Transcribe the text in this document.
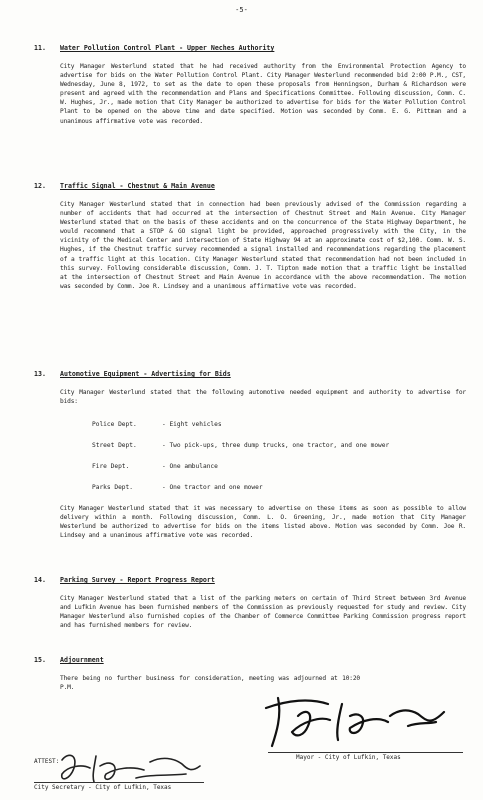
-5-
11.	Water Pollution Control Plant - Upper Neches Authority
City Manager Westerlund stated that he had received authority from the Environmental Protection Agency to advertise for bids on the Water Pollution Control Plant. City Manager Westerlund recommended bid 2:00 P.M., CST, Wednesday, June 8, 1972, to set as the date to open these proposals from Henningson, Durham & Richardson were present and agreed with the recommendation and Plans and Specifications Committee. Following discussion, Comm. C. W. Hughes, Jr., made motion that City Manager be authorized to advertise for bids for the Water Pollution Control Plant to be opened on the above time and date specified. Motion was seconded by Comm. E. G. Pittman and a unanimous affirmative vote was recorded.
12.	Traffic Signal - Chestnut & Main Avenue
City Manager Westerlund stated that in connection had been previously advised of the Commission regarding a number of accidents that had occurred at the intersection of Chestnut Street and Main Avenue. City Manager Westerlund stated that on the basis of these accidents and on the concurrence of the State Highway Department, he would recommend that a STOP & GO signal light be provided, approached progressively with the City, in the vicinity of the Medical Center and intersection of State Highway 94 at an approximate cost of $2,100. Comm. W. S. Hughes, if the Chestnut traffic survey recommended a signal installed and recommendations regarding the placement of a traffic light at this location. City Manager Westerlund stated that recommendation had not been included in this survey. Following considerable discussion, Comm. J. T. Tipton made motion that a traffic light be installed at the intersection of Chestnut Street and Main Avenue in accordance with the above recommendation. The motion was seconded by Comm. Joe R. Lindsey and a unanimous affirmative vote was recorded.
13.	Automotive Equipment - Advertising for Bids
City Manager Westerlund stated that the following automotive needed equipment and authority to advertise for bids:
Police Dept.	- Eight vehicles
Street Dept.	- Two pick-ups, three dump trucks, one tractor, and one mower
Fire Dept.	- One ambulance
Parks Dept.	- One tractor and one mower
City Manager Westerlund stated that it was necessary to advertise on these items as soon as possible to allow delivery within a month. Following discussion, Comm. L. O. Greening, Jr., made motion that City Manager Westerlund be authorized to advertise for bids on the items listed above. Motion was seconded by Comm. Joe R. Lindsey and a unanimous affirmative vote was recorded.
14.	Parking Survey - Report Progress Report
City Manager Westerlund stated that a list of the parking meters on certain of Third Street between 3rd Avenue and Lufkin Avenue has been furnished members of the Commission as previously requested for study and review. City Manager Westerlund also furnished copies of the Chamber of Commerce Committee Parking Commission progress report and has furnished members for review.
15.	Adjournment
There being no further business for consideration, meeting was adjourned at 10:20 P.M.
Mayor - City of Lufkin, Texas
ATTEST:
City Secretary - City of Lufkin, Texas
